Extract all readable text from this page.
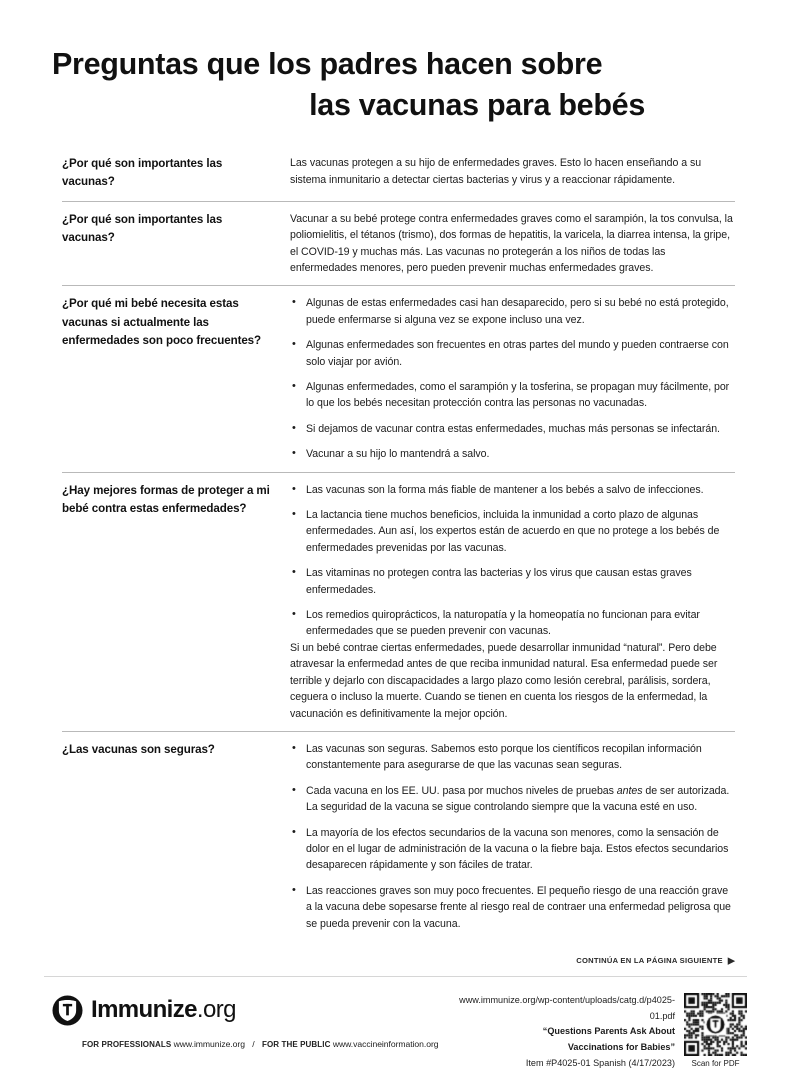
Preguntas que los padres hacen sobre
las vacunas para bebés
¿Por qué son importantes las vacunas?

Las vacunas protegen a su hijo de enfermedades graves. Esto lo hacen enseñando a su sistema inmunitario a detectar ciertas bacterias y virus y a reaccionar rápidamente.

¿Por qué son importantes las vacunas?

Vacunar a su bebé protege contra enfermedades graves como el sarampión, la tos convulsa, la poliomielitis, el tétanos (trismo), dos formas de hepatitis, la varicela, la diarrea intensa, la gripe, el COVID-19 y muchas más. Las vacunas no protegerán a los niños de todas las enfermedades menores, pero pueden prevenir muchas enfermedades graves.

¿Por qué mi bebé necesita estas vacunas si actualmente las enfermedades son poco frecuentes?
• Algunas de estas enfermedades casi han desaparecido, pero si su bebé no está protegido, puede enfermarse si alguna vez se expone incluso una vez.
• Algunas enfermedades son frecuentes en otras partes del mundo y pueden contraerse con solo viajar por avión.
• Algunas enfermedades, como el sarampión y la tosferina, se propagan muy fácilmente, por lo que los bebés necesitan protección contra las personas no vacunadas.
• Si dejamos de vacunar contra estas enfermedades, muchas más personas se infectarán.
• Vacunar a su hijo lo mantendrá a salvo.
¿Hay mejores formas de proteger a mi bebé contra estas enfermedades?
• Las vacunas son la forma más fiable de mantener a los bebés a salvo de infecciones.
• La lactancia tiene muchos beneficios, incluida la inmunidad a corto plazo de algunas enfermedades. Aun así, los expertos están de acuerdo en que no protege a los bebés de enfermedades prevenidas por las vacunas.
• Las vitaminas no protegen contra las bacterias y los virus que causan estas graves enfermedades.
• Los remedios quiroprácticos, la naturopatía y la homeopatía no funcionan para evitar enfermedades que se pueden prevenir con vacunas.

Si un bebé contrae ciertas enfermedades, puede desarrollar inmunidad “natural”. Pero debe atravesar la enfermedad antes de que reciba inmunidad natural. Esa enfermedad puede ser terrible y dejarlo con discapacidades a largo plazo como lesión cerebral, parálisis, sordera, ceguera o incluso la muerte. Cuando se tienen en cuenta los riesgos de la enfermedad, la vacunación es definitivamente la mejor opción.

¿Las vacunas son seguras?	• Las vacunas son seguras. Sabemos esto porque los científicos recopilan información constantemente para asegurarse de que las vacunas sean seguras.
• Cada vacuna en los EE. UU. pasa por muchos niveles de pruebas antes de ser autorizada. La seguridad de la vacuna se sigue controlando siempre que la vacuna esté en uso.
• La mayoría de los efectos secundarios de la vacuna son menores, como la sensación de dolor en el lugar de administración de la vacuna o la fiebre baja. Estos efectos secundarios desaparecen rápidamente y son fáciles de tratar.
• Las reacciones graves son muy poco frecuentes. El pequeño riesgo de una reacción grave a la vacuna debe sopesarse frente al riesgo real de contraer una enfermedad peligrosa que se pueda prevenir con la vacuna.
CONTINÚA EN LA PÁGINA SIGUIENTE ▶
Immunize.org
FOR PROFESSIONALS www.immunize.org / FOR THE PUBLIC www.vaccineinformation.org
www.immunize.org/wp-content/uploads/catg.d/p4025-01.pdf
“Questions Parents Ask About
Vaccinations for Babies”
Item #P4025-01 Spanish (4/17/2023)	Scan for PDF
